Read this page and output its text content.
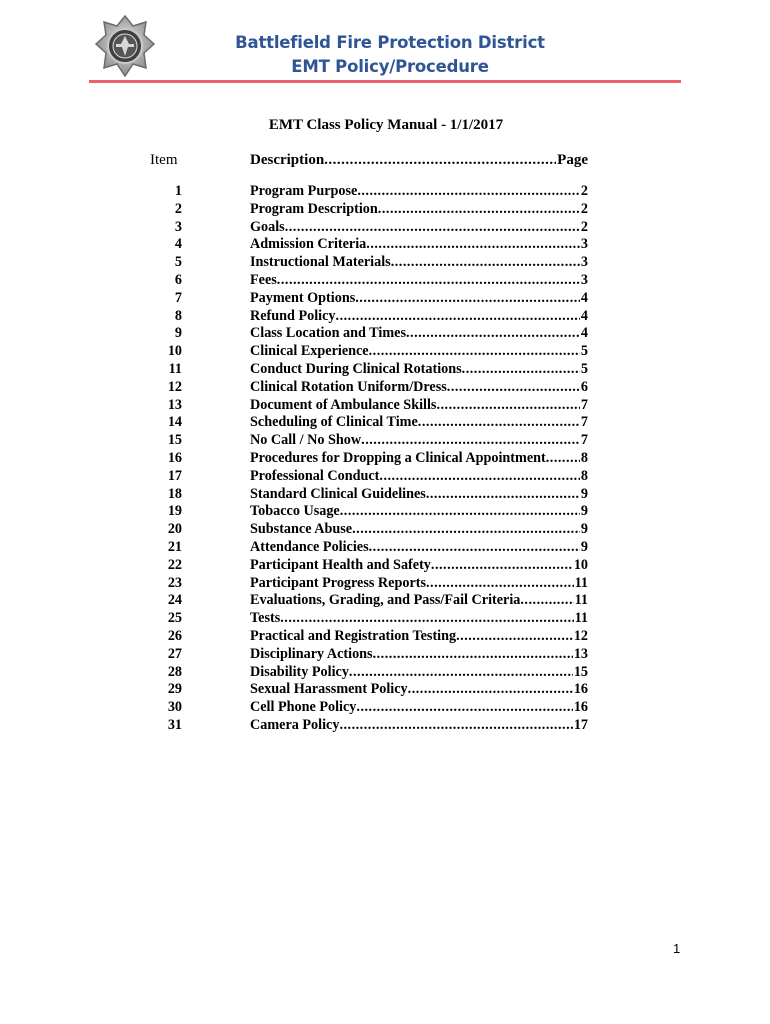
Battlefield Fire Protection District
EMT Policy/Procedure
EMT Class Policy Manual - 1/1/2017
Item	Description .....	Page
1	Program Purpose .....	2
2	Program Description .....	2
3	Goals .....	2
4	Admission Criteria .....	3
5	Instructional Materials .....	3
6	Fees .....	3
7	Payment Options .....	4
8	Refund Policy .....	4
9	Class Location and Times .....	4
10	Clinical Experience .....	5
11	Conduct During Clinical Rotations .....	5
12	Clinical Rotation Uniform/Dress .....	6
13	Document of Ambulance Skills .....	7
14	Scheduling of Clinical Time .....	7
15	No Call / No Show .....	7
16	Procedures for Dropping a Clinical Appointment ..... 8
17	Professional Conduct .....	8
18	Standard Clinical Guidelines .....	9
19	Tobacco Usage .....	9
20	Substance Abuse .....	9
21	Attendance Policies .....	9
22	Participant Health and Safety .....	10
23	Participant Progress Reports .....	11
24	Evaluations, Grading, and Pass/Fail Criteria .....	11
25	Tests .....	11
26	Practical and Registration Testing .....	12
27	Disciplinary Actions .....	13
28	Disability Policy .....	15
29	Sexual Harassment Policy .....	16
30	Cell Phone Policy .....	16
31	Camera Policy .....	17
1
